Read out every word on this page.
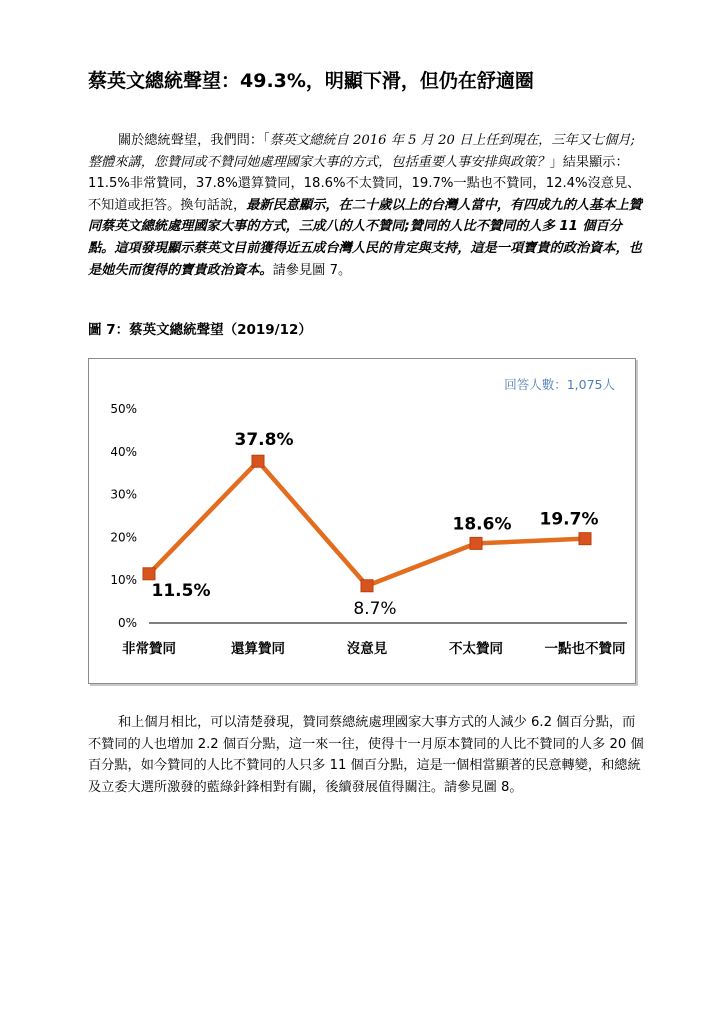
蔡英文總統聲望：49.3%，明顯下滑，但仍在舒適圈

關於總統聲望，我們問：「蔡英文總統自 2016 年 5 月 20 日上任到現在，三年又七個月;整體來講，您贊同或不贊同她處理國家大事的方式，包括重要人事安排與政策？」結果顯示：11.5%非常贊同，37.8%還算贊同，18.6%不太贊同，19.7%一點也不贊同，12.4%沒意見、不知道或拒答。換句話說，最新民意顯示，在二十歲以上的台灣人當中，有四成九的人基本上贊同蔡英文總統處理國家大事的方式，三成八的人不贊同;贊同的人比不贊同的人多 11 個百分點。這項發現顯示蔡英文目前獲得近五成台灣人民的肯定與支持，這是一項寶貴的政治資本，也是她失而復得的寶貴政治資本。請參見圖 7。

圖 7：蔡英文總統聲望（2019/12）

0%
10%
20%
30%
40%
50%
非常贊同	還算贊同	沒意見	不太贊同	一點也不贊同
11.5%
37.8%
8.7%
18.6% 19.7%
回答人數：1,075人

和上個月相比，可以清楚發現，贊同蔡總統處理國家大事方式的人減少 6.2 個百分點，而不贊同的人也增加 2.2 個百分點，這一來一往，使得十一月原本贊同的人比不贊同的人多 20 個百分點，如今贊同的人比不贊同的人只多 11 個百分點，這是一個相當顯著的民意轉變，和總統及立委大選所激發的藍綠針鋒相對有關，後續發展值得關注。請參見圖 8。
